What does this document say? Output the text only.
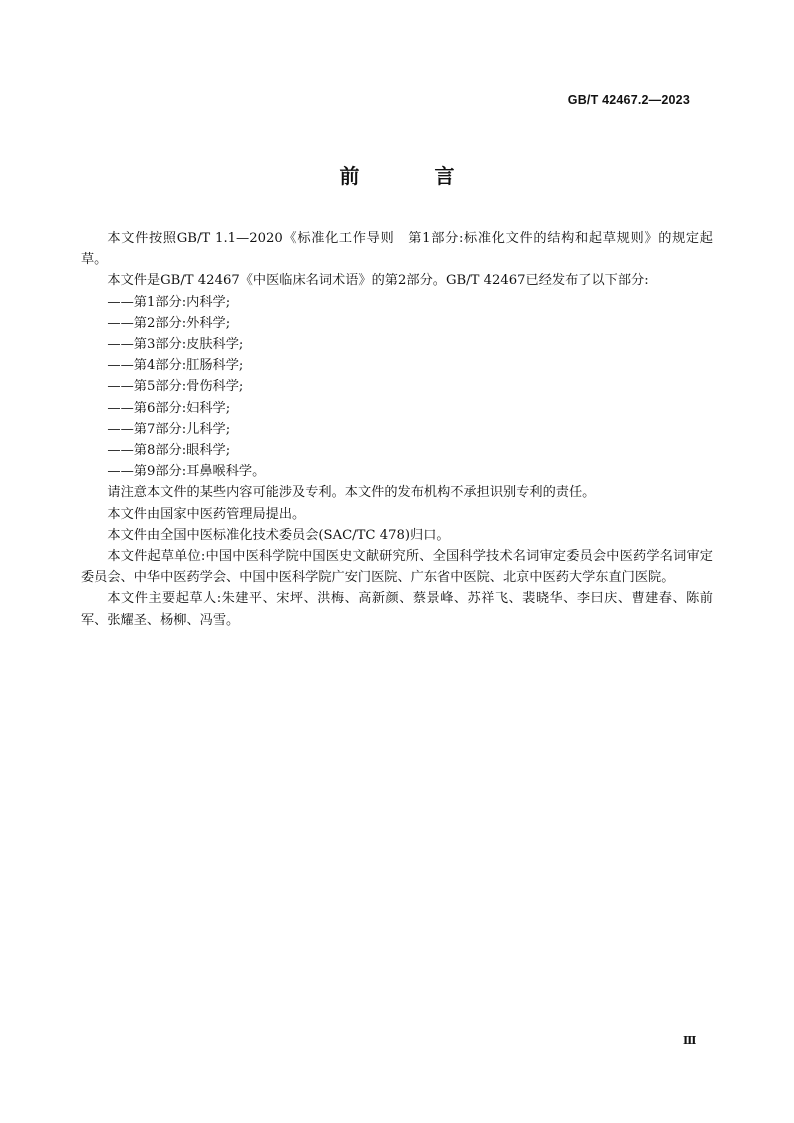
GB/T 42467.2—2023
前 言

本文件按照GB/T 1.1—2020《标准化工作导则　第1部分:标准化文件的结构和起草规则》的规定起草。

本文件是GB/T 42467《中医临床名词术语》的第2部分。GB/T 42467已经发布了以下部分:

——第1部分:内科学;
——第2部分:外科学;
——第3部分:皮肤科学;
——第4部分:肛肠科学;
——第5部分:骨伤科学;
——第6部分:妇科学;
——第7部分:儿科学;
——第8部分:眼科学;
——第9部分:耳鼻喉科学。

请注意本文件的某些内容可能涉及专利。本文件的发布机构不承担识别专利的责任。

本文件由国家中医药管理局提出。

本文件由全国中医标准化技术委员会(SAC/TC 478)归口。

本文件起草单位:中国中医科学院中国医史文献研究所、全国科学技术名词审定委员会中医药学名词审定委员会、中华中医药学会、中国中医科学院广安门医院、广东省中医院、北京中医药大学东直门医院。

本文件主要起草人:朱建平、宋坪、洪梅、高新颜、蔡景峰、苏祥飞、裴晓华、李曰庆、曹建春、陈前军、张耀圣、杨柳、冯雪。

Ⅲ
